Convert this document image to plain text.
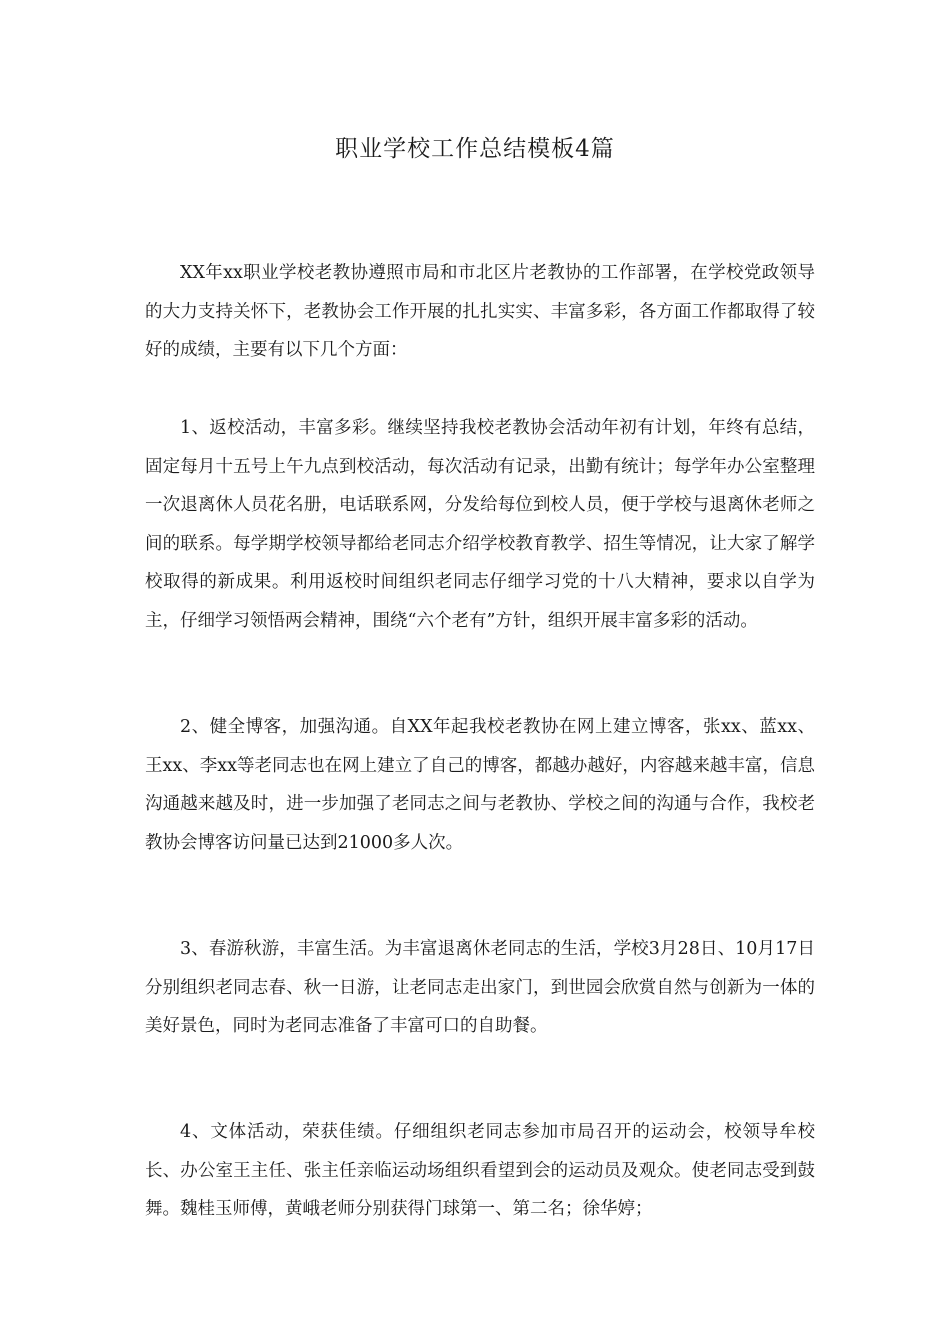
职业学校工作总结模板4篇

XX年xx职业学校老教协遵照市局和市北区片老教协的工作部署，在学校党政领导的大力支持关怀下，老教协会工作开展的扎扎实实、丰富多彩，各方面工作都取得了较好的成绩，主要有以下几个方面：

1、返校活动，丰富多彩。继续坚持我校老教协会活动年初有计划，年终有总结，固定每月十五号上午九点到校活动，每次活动有记录，出勤有统计；每学年办公室整理一次退离休人员花名册，电话联系网，分发给每位到校人员，便于学校与退离休老师之间的联系。每学期学校领导都给老同志介绍学校教育教学、招生等情况，让大家了解学校取得的新成果。利用返校时间组织老同志仔细学习党的十八大精神，要求以自学为主，仔细学习领悟两会精神，围绕“六个老有”方针，组织开展丰富多彩的活动。

2、健全博客，加强沟通。自XX年起我校老教协在网上建立博客，张xx、蓝xx、王xx、李xx等老同志也在网上建立了自己的博客，都越办越好，内容越来越丰富，信息沟通越来越及时，进一步加强了老同志之间与老教协、学校之间的沟通与合作，我校老教协会博客访问量已达到21000多人次。

3、春游秋游，丰富生活。为丰富退离休老同志的生活，学校3月28日、10月17日分别组织老同志春、秋一日游，让老同志走出家门，到世园会欣赏自然与创新为一体的美好景色，同时为老同志准备了丰富可口的自助餐。

4、文体活动，荣获佳绩。仔细组织老同志参加市局召开的运动会，校领导牟校长、办公室王主任、张主任亲临运动场组织看望到会的运动员及观众。使老同志受到鼓舞。魏桂玉师傅，黄峨老师分别获得门球第一、第二名；徐华婷；
